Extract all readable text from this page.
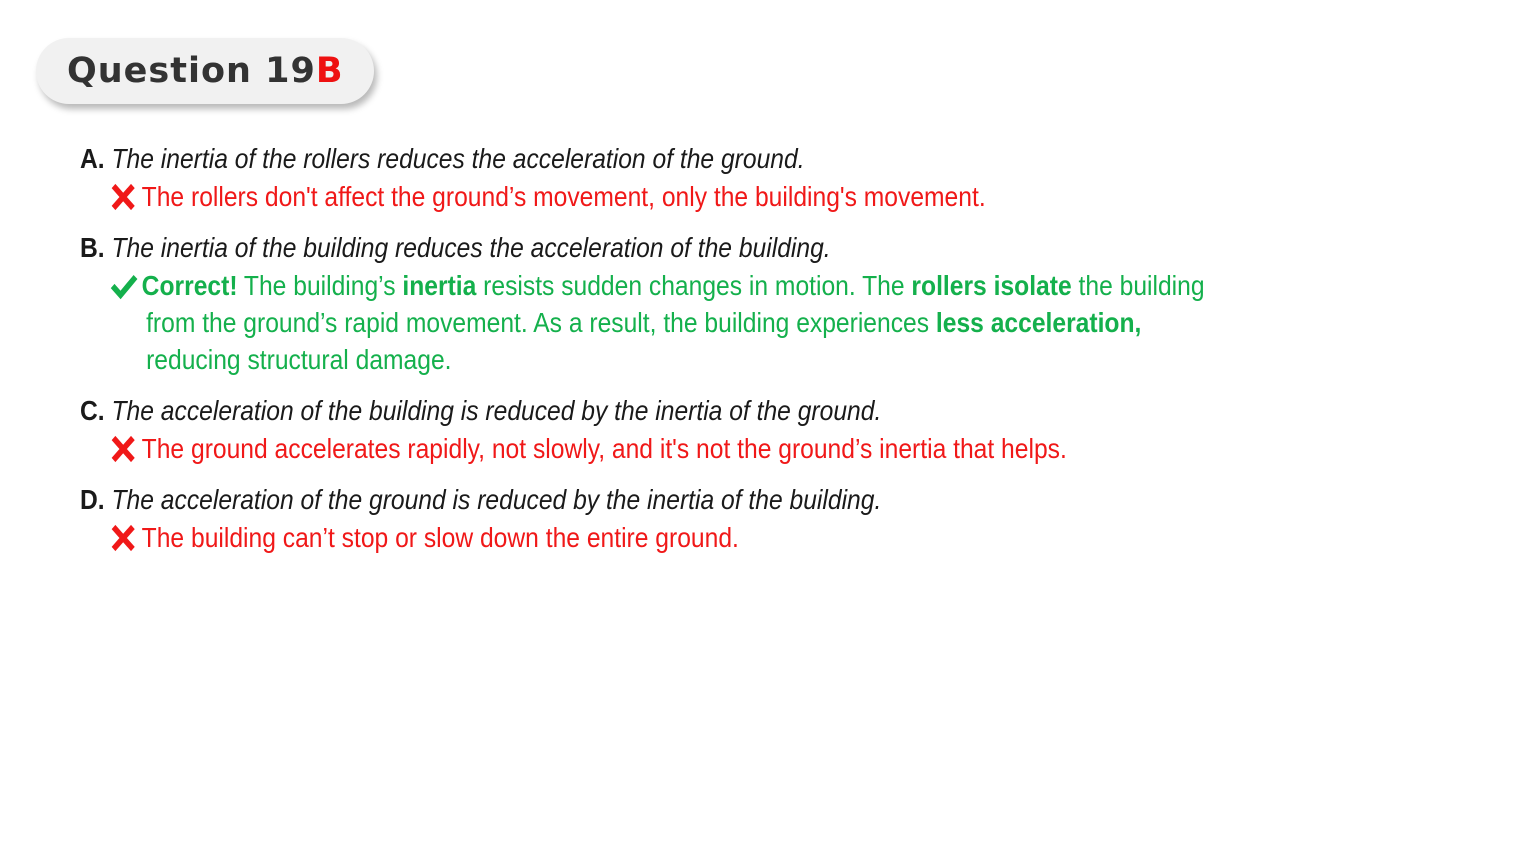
Question 19B
A. The inertia of the rollers reduces the acceleration of the ground.
The rollers don't affect the ground’s movement, only the building's movement.
B. The inertia of the building reduces the acceleration of the building.
Correct! The building’s inertia resists sudden changes in motion. The rollers isolate the building
from the ground’s rapid movement. As a result, the building experiences less acceleration,
reducing structural damage.
C. The acceleration of the building is reduced by the inertia of the ground.
The ground accelerates rapidly, not slowly, and it's not the ground’s inertia that helps.
D. The acceleration of the ground is reduced by the inertia of the building.
The building can’t stop or slow down the entire ground.
